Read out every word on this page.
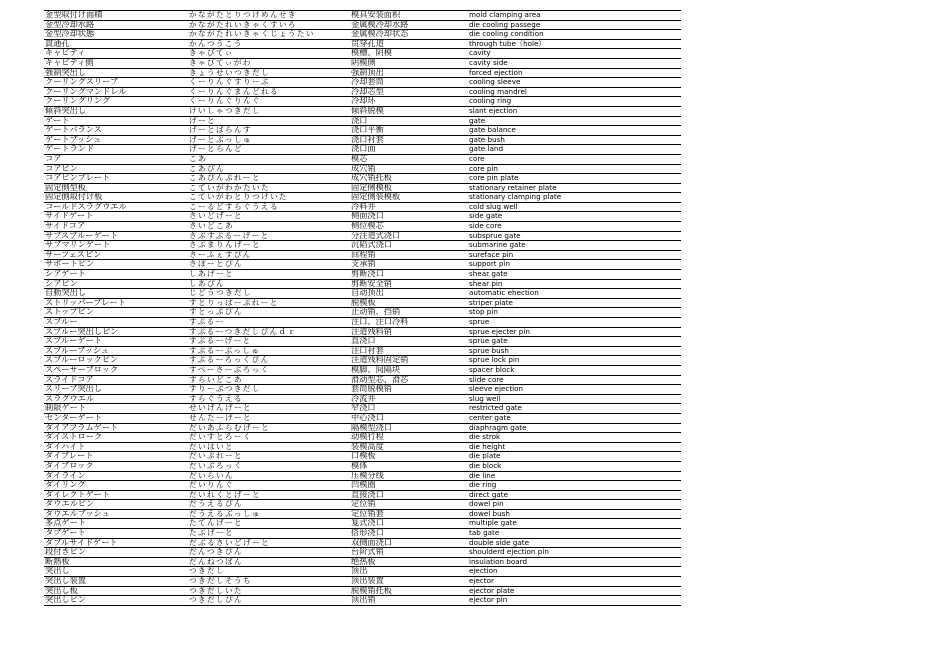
金型取付け面積	かながたとりつけめんせき	模具安装面积	mold clamping area
金型冷却水路	かながたれいきゃくすいろ	金属模冷却水路	die cooling passege
金型冷却状態	かながたれいきゃくじょうたい	金属模冷却状态	die cooling condition
貫通孔	かんつうこう	贯穿孔道	through tube（hole）
キャビティ	きゃびてぃ	模槽、阴模	cavity
キャビティ側	きゃびてぃがわ	阴模侧	cavity side
強制突出し	きょうせいつきだし	强制顶出	forced ejection
クーリングスリーブ	くーりんぐすりーぶ	冷却套筒	cooling sleeve
クーリングマンドレル	くーりんぐまんどれる	冷却芯型	cooling mandrel
クーリングリング	くーりんぐりんぐ	冷却环	cooling ring
傾斜突出し	けいしゃつきだし	倾斜脱模	slant ejection
ゲート	げーと	浇口	gate
ゲートバランス	げーとばらんす	浇口平衡	gate balance
ゲートブッシュ	げーとぶっしゅ	浇口衬套	gate bush
ゲートランド	げーとらんど	浇口面	gate land
コア	こあ	模芯	core
コアピン	こあぴん	成穴销	core pin
コアピンプレート	こあぴんぷれーと	成穴销托板	core pin plate
固定側型板	こていがわかたいた	固定侧模板	stationary retainer plate
固定側取付け板	こていがわとりつけいた	固定侧装模板	stationary clamping plate
コールドスラグウエル	こーるどすらぐうえる	冷料井	cold slug well
サイドゲート	さいどげーと	侧面浇口	side gate
サイドコア	さいどこあ	侧位模芯	side core
サブスプルーゲート	さぶすぷるーげーと	分注道式浇口	subsprue gate
サブマリンゲート	さぶまりんげーと	沉陷式浇口	submarine gate
サーフェスピン	さーふぇすぴん	回程销	sureface pin
サポートピン	さぽーとぴん	支承销	support pin
シアゲート	しあげーと	剪断浇口	shear gate
シアピン	しあぴん	剪断安全销	shear pin
自動突出し	じどうつきだし	自动顶出	automatic ehection
ストリッパープレート	すとりっぱーぷれーと	脱模板	striper plate
ストップピン	すとっぷぴん	止动销、挡销	stop pin
スプルー	すぷるー	注口、注口冷料	sprue
スプルー突出しピン	すぷるーつきだしぴんｄｒ	注道残料销	sprue ejecter pin
スプルーゲート	すぷるーげーと	直浇口	sprue gate
スプルーブッシュ	すぷるーぶっしゅ	注口衬套	sprue bush
スプルーロックピン	すぷるーろっくぴん	注道残料固定销	sprue lock pin
スペーサーブロック	すぺーさーぶろっく	模脚、间隔块	spacer block
スライドコア	すらいどこあ	滑动型芯、滑芯	slide core
スリーブ突出し	すりーぶつきだし	套筒脱模销	sleeve ejection
スラグウエル	すらぐうえる	冷流井	slug well
制限ゲート	せいげんげーと	窄浇口	restricted gate
センターゲート	せんたーげーと	中心浇口	center gate
ダイアフラムゲート	だいあふらむげーと	隔模型浇口	diaphragm gate
ダイストローク	だいすとろーく	动模行程	die strok
ダイハイト	だいはいと	装模高度	die height
ダイプレート	だいぷれーと	口模板	die plate
ダイブロック	だいぶろっく	模体	die block
ダイライン	だいらいん	压模分线	die line
ダイリング	だいりんぐ	凹模圈	die ring
ダイレクトゲート	だいれくとげーと	直接浇口	direct gate
ダウエルピン	だうえるぴん	定位销	dowel pin
ダウエルブッシュ	だうえるぶっしゅ	定位销套	dowel bush
多点ゲート	たてんげーと	复式浇口	multiple gate
タブゲート	たぶげーと	搭形浇口	tab gate
ダブルサイドゲート	だぶるさいどげーと	双侧面浇口	double side gate
段付きピン	だんつきぴん	台阶式销	shoulderd ejection pin
断熱板	だんねつばん	绝热板	insulation board
突出し	つきだし	顶出	ejection
突出し装置	つきだしそうち	顶出装置	ejector
突出し板	つきだしいた	脱模销托板	ejector plate
突出しピン	つきだしぴん	顶出销	ejector pin
